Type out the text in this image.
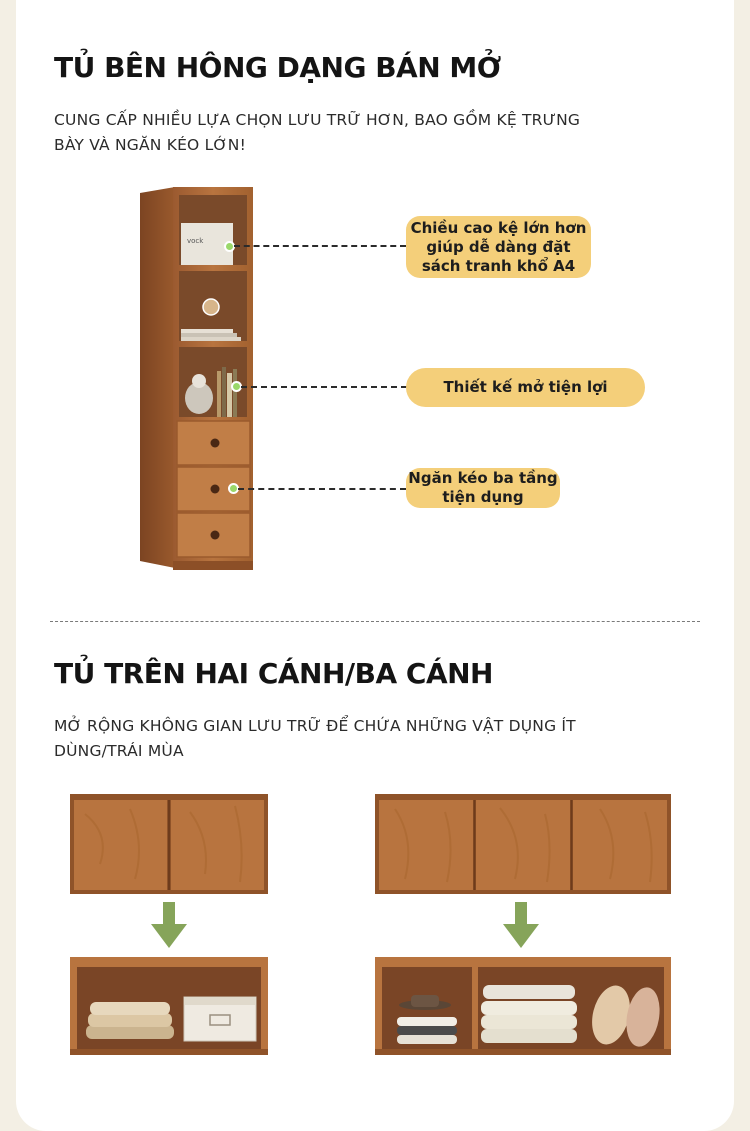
TỦ BÊN HÔNG DẠNG BÁN MỞ

CUNG CẤP NHIỀU LỰA CHỌN LƯU TRỮ HƠN, BAO GỒM KỆ TRƯNG BÀY VÀ NGĂN KÉO LỚN!

vock
Chiều cao kệ lớn hơn
giúp dễ dàng đặt
sách tranh khổ A4
Thiết kế mở tiện lợi
Ngăn kéo ba tầng
tiện dụng
TỦ TRÊN HAI CÁNH/BA CÁNH

MỞ RỘNG KHÔNG GIAN LƯU TRỮ ĐỂ CHỨA NHỮNG VẬT DỤNG ÍT DÙNG/TRÁI MÙA
